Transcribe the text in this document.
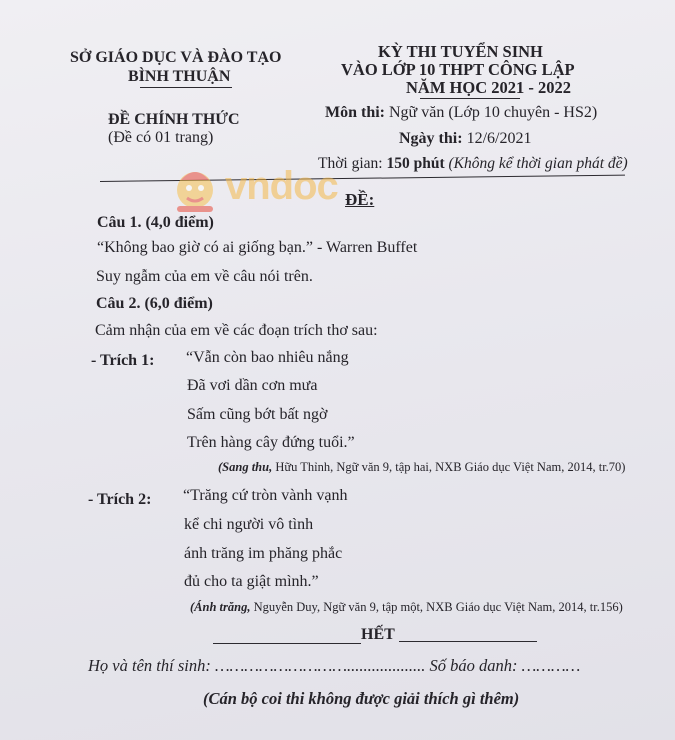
SỞ GIÁO DỤC VÀ ĐÀO TẠO
BÌNH THUẬN
ĐỀ CHÍNH THỨC
(Đề có 01 trang)
KỲ THI TUYỂN SINH
VÀO LỚP 10 THPT CÔNG LẬP
NĂM HỌC 2021 - 2022
Môn thi: Ngữ văn (Lớp 10 chuyên - HS2)
Ngày thi: 12/6/2021
Thời gian: 150 phút (Không kể thời gian phát đề)
vndoc ĐỀ:
Câu 1. (4,0 điểm)
“Không bao giờ có ai giống bạn.” - Warren Buffet
Suy ngẫm của em về câu nói trên.
Câu 2. (6,0 điểm)
Cảm nhận của em về các đoạn trích thơ sau:
- Trích 1: “Vẫn còn bao nhiêu nắng
Đã vơi dần cơn mưa
Sấm cũng bớt bất ngờ
Trên hàng cây đứng tuổi.”
(Sang thu, Hữu Thỉnh, Ngữ văn 9, tập hai, NXB Giáo dục Việt Nam, 2014, tr.70)
- Trích 2: “Trăng cứ tròn vành vạnh
kể chi người vô tình
ánh trăng im phăng phắc
đủ cho ta giật mình.”
(Ánh trăng, Nguyễn Duy, Ngữ văn 9, tập một, NXB Giáo dục Việt Nam, 2014, tr.156)
HẾT
Họ và tên thí sinh: ………………………................... Số báo danh: …………
(Cán bộ coi thi không được giải thích gì thêm)
